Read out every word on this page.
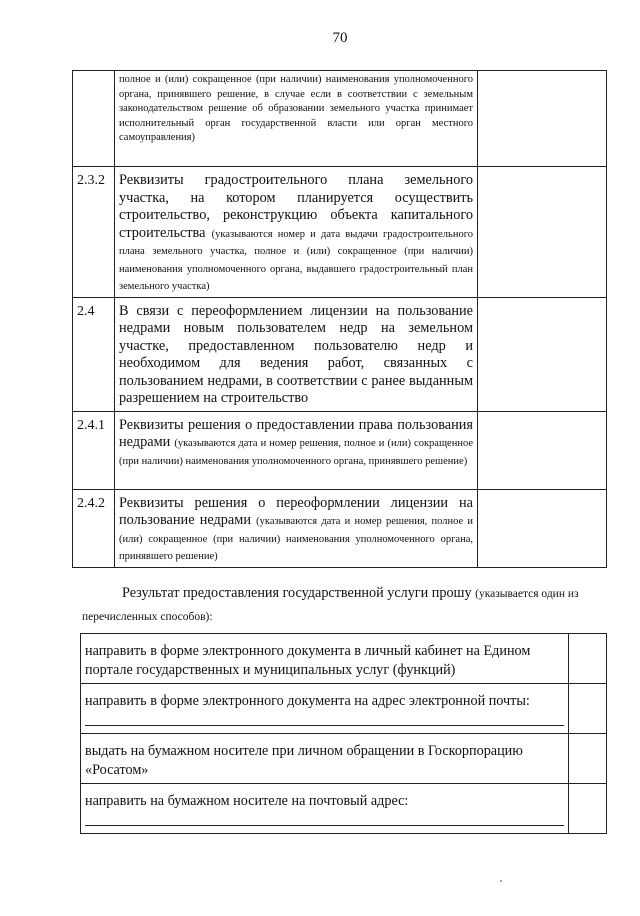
70

	полное и (или) сокращенное (при наличии) наименования уполномоченного органа, принявшего решение, в случае если в соответствии с земельным законодательством решение об образовании земельного участка принимает исполнительный орган государственной власти или орган местного самоуправления)	

2.3.2	Реквизиты градостроительного плана земельного участка, на котором планируется осуществить строительство, реконструкцию объекта капитального строительства (указываются номер и дата выдачи градостроительного плана земельного участка, полное и (или) сокращенное (при наличии) наименования уполномоченного органа, выдавшего градостроительный план земельного участка)	

2.4	В связи с переоформлением лицензии на пользование недрами новым пользователем недр на земельном участке, предоставленном пользователю недр и необходимом для ведения работ, связанных с пользованием недрами, в соответствии с ранее выданным разрешением на строительство	

2.4.1	Реквизиты решения о предоставлении права пользования недрами (указываются дата и номер решения, полное и (или) сокращенное (при наличии) наименования уполномоченного органа, принявшего решение)	

2.4.2	Реквизиты решения о переоформлении лицензии на пользование недрами (указываются дата и номер решения, полное и (или) сокращенное (при наличии) наименования уполномоченного органа, принявшего решение)	

Результат предоставления государственной услуги прошу (указывается один из перечисленных способов):
направить в форме электронного документа в личный кабинет на Едином портале государственных и муниципальных услуг (функций)	

направить в форме электронного документа на адрес электронной почты:	

выдать на бумажном носителе при личном обращении в Госкорпорацию «Росатом»	

направить на бумажном носителе на почтовый адрес:	
